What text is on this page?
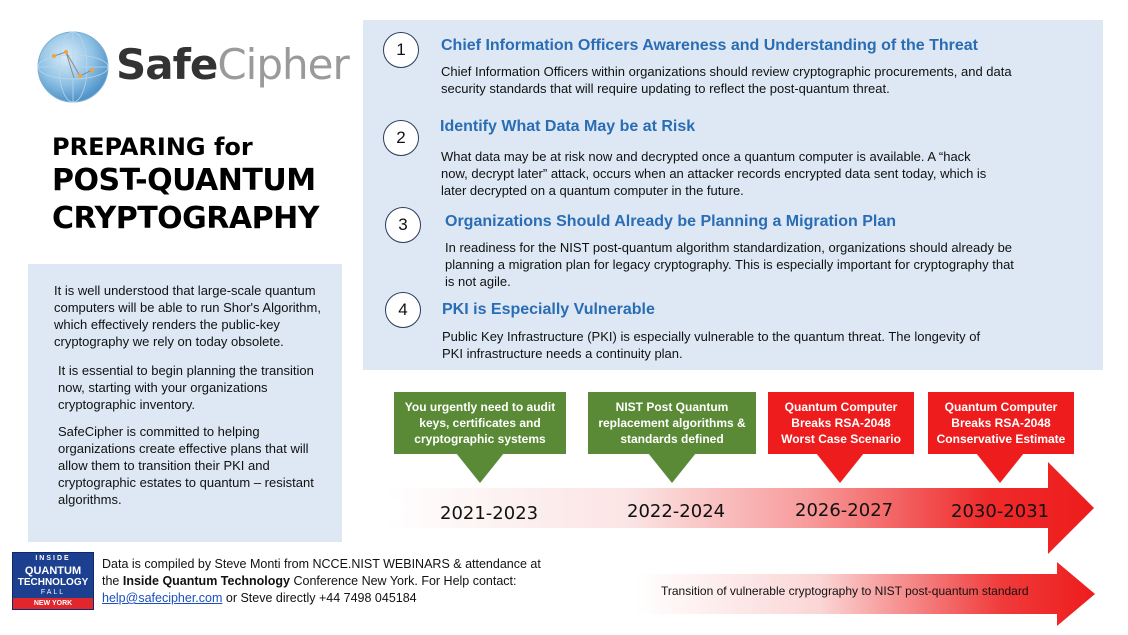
SafeCipher
PREPARING for
POST-QUANTUM
CRYPTOGRAPHY

It is well understood that large-scale quantum computers will be able to run Shor's Algorithm, which effectively renders the public-key cryptography we rely on today obsolete.

It is essential to begin planning the transition now, starting with your organizations cryptographic inventory.

SafeCipher is committed to helping organizations create effective plans that will allow them to transition their PKI and cryptographic estates to quantum – resistant algorithms.

1	Chief Information Officers Awareness and Understanding of the Threat
Chief Information Officers within organizations should review cryptographic procurements, and data security standards that will require updating to reflect the post-quantum threat.
2
Identify What Data May be at Risk
What data may be at risk now and decrypted once a quantum computer is available. A “hack now, decrypt later” attack, occurs when an attacker records encrypted data sent today, which is later decrypted on a quantum computer in the future.
3	Organizations Should Already be Planning a Migration Plan
In readiness for the NIST post-quantum algorithm standardization, organizations should already be planning a migration plan for legacy cryptography. This is especially important for cryptography that is not agile.
4	PKI is Especially Vulnerable
Public Key Infrastructure (PKI) is especially vulnerable to the quantum threat. The longevity of PKI infrastructure needs a continuity plan.
You urgently need to audit keys, certificates and cryptographic systems
NIST Post Quantum replacement algorithms & standards defined
Quantum Computer Breaks RSA-2048 Worst Case Scenario
Quantum Computer Breaks RSA-2048 Conservative Estimate
2021-2023	2022-2024	2026-2027	2030-2031
INSIDE
QUANTUM
TECHNOLOGY
FALL
NEW YORK
Data is compiled by Steve Monti from NCCE.NIST WEBINARS & attendance at the Inside Quantum Technology Conference New York. For Help contact: help@safecipher.com or Steve directly +44 7498 045184	Transition of vulnerable cryptography to NIST post-quantum standard
